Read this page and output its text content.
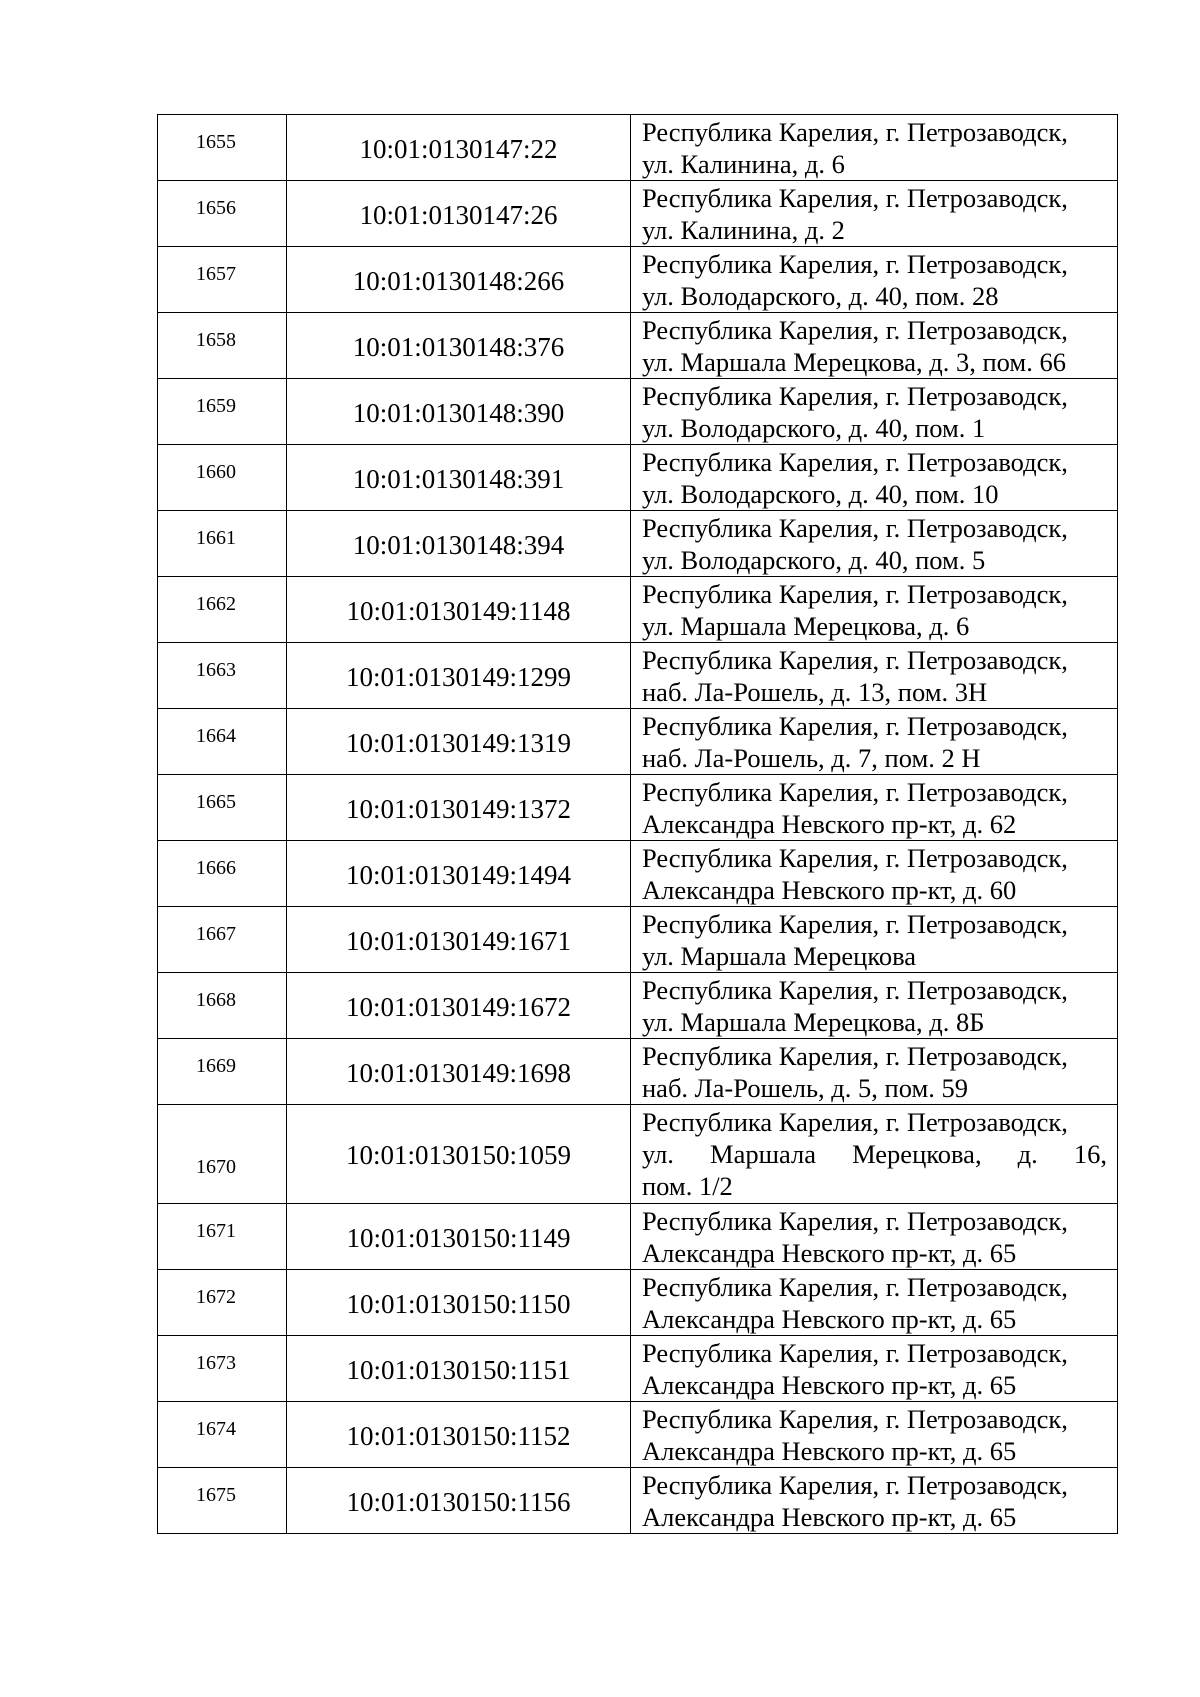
1655	10:01:0130147:22	Республика Карелия, г. Петрозаводск,
ул. Калинина, д. 6

1656	10:01:0130147:26	Республика Карелия, г. Петрозаводск,
ул. Калинина, д. 2

1657	10:01:0130148:266	Республика Карелия, г. Петрозаводск,
ул. Володарского, д. 40, пом. 28

1658	10:01:0130148:376	Республика Карелия, г. Петрозаводск,
ул. Маршала Мерецкова, д. 3, пом. 66

1659	10:01:0130148:390	Республика Карелия, г. Петрозаводск,
ул. Володарского, д. 40, пом. 1

1660	10:01:0130148:391	Республика Карелия, г. Петрозаводск,
ул. Володарского, д. 40, пом. 10

1661	10:01:0130148:394	Республика Карелия, г. Петрозаводск,
ул. Володарского, д. 40, пом. 5

1662	10:01:0130149:1148	Республика Карелия, г. Петрозаводск,
ул. Маршала Мерецкова, д. 6

1663	10:01:0130149:1299	Республика Карелия, г. Петрозаводск,
наб. Ла-Рошель, д. 13, пом. 3Н

1664	10:01:0130149:1319	Республика Карелия, г. Петрозаводск,
наб. Ла-Рошель, д. 7, пом. 2 Н

1665	10:01:0130149:1372	Республика Карелия, г. Петрозаводск,
Александра Невского пр-кт, д. 62

1666	10:01:0130149:1494	Республика Карелия, г. Петрозаводск,
Александра Невского пр-кт, д. 60

1667	10:01:0130149:1671	Республика Карелия, г. Петрозаводск,
ул. Маршала Мерецкова

1668	10:01:0130149:1672	Республика Карелия, г. Петрозаводск,
ул. Маршала Мерецкова, д. 8Б

1669	10:01:0130149:1698	Республика Карелия, г. Петрозаводск,
наб. Ла-Рошель, д. 5, пом. 59

1670	10:01:0130150:1059	Республика Карелия, г. Петрозаводск,
ул. Маршала Мерецкова, д. 16,
пом. 1/2

1671	10:01:0130150:1149	Республика Карелия, г. Петрозаводск,
Александра Невского пр-кт, д. 65

1672	10:01:0130150:1150	Республика Карелия, г. Петрозаводск,
Александра Невского пр-кт, д. 65

1673	10:01:0130150:1151	Республика Карелия, г. Петрозаводск,
Александра Невского пр-кт, д. 65

1674	10:01:0130150:1152	Республика Карелия, г. Петрозаводск,
Александра Невского пр-кт, д. 65

1675	10:01:0130150:1156	Республика Карелия, г. Петрозаводск,
Александра Невского пр-кт, д. 65
